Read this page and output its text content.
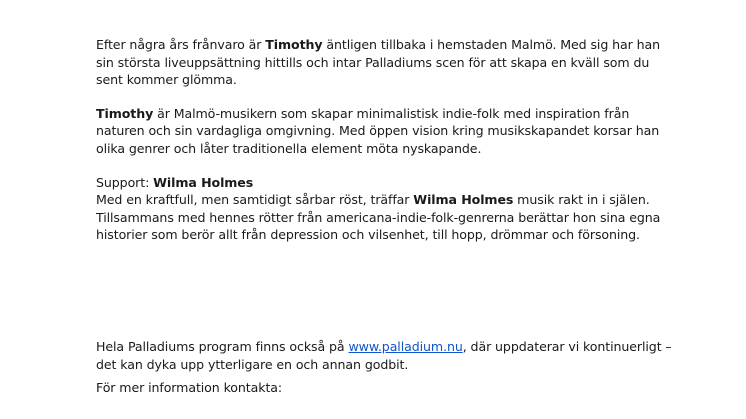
Efter några års frånvaro är Timothy äntligen tillbaka i hemstaden Malmö. Med sig har han sin största liveuppsättning hittills och intar Palladiums scen för att skapa en kväll som du sent kommer glömma.

Timothy är Malmö-musikern som skapar minimalistisk indie-folk med inspiration från naturen och sin vardagliga omgivning. Med öppen vision kring musikskapandet korsar han olika genrer och låter traditionella element möta nyskapande.

Support: Wilma Holmes
Med en kraftfull, men samtidigt sårbar röst, träffar Wilma Holmes musik rakt in i själen. Tillsammans med hennes rötter från americana-indie-folk-genrerna berättar hon sina egna historier som berör allt från depression och vilsenhet, till hopp, drömmar och försoning.

Hela Palladiums program finns också på www.palladium.nu, där uppdaterar vi kontinuerligt – det kan dyka upp ytterligare en och annan godbit.

För mer information kontakta:
